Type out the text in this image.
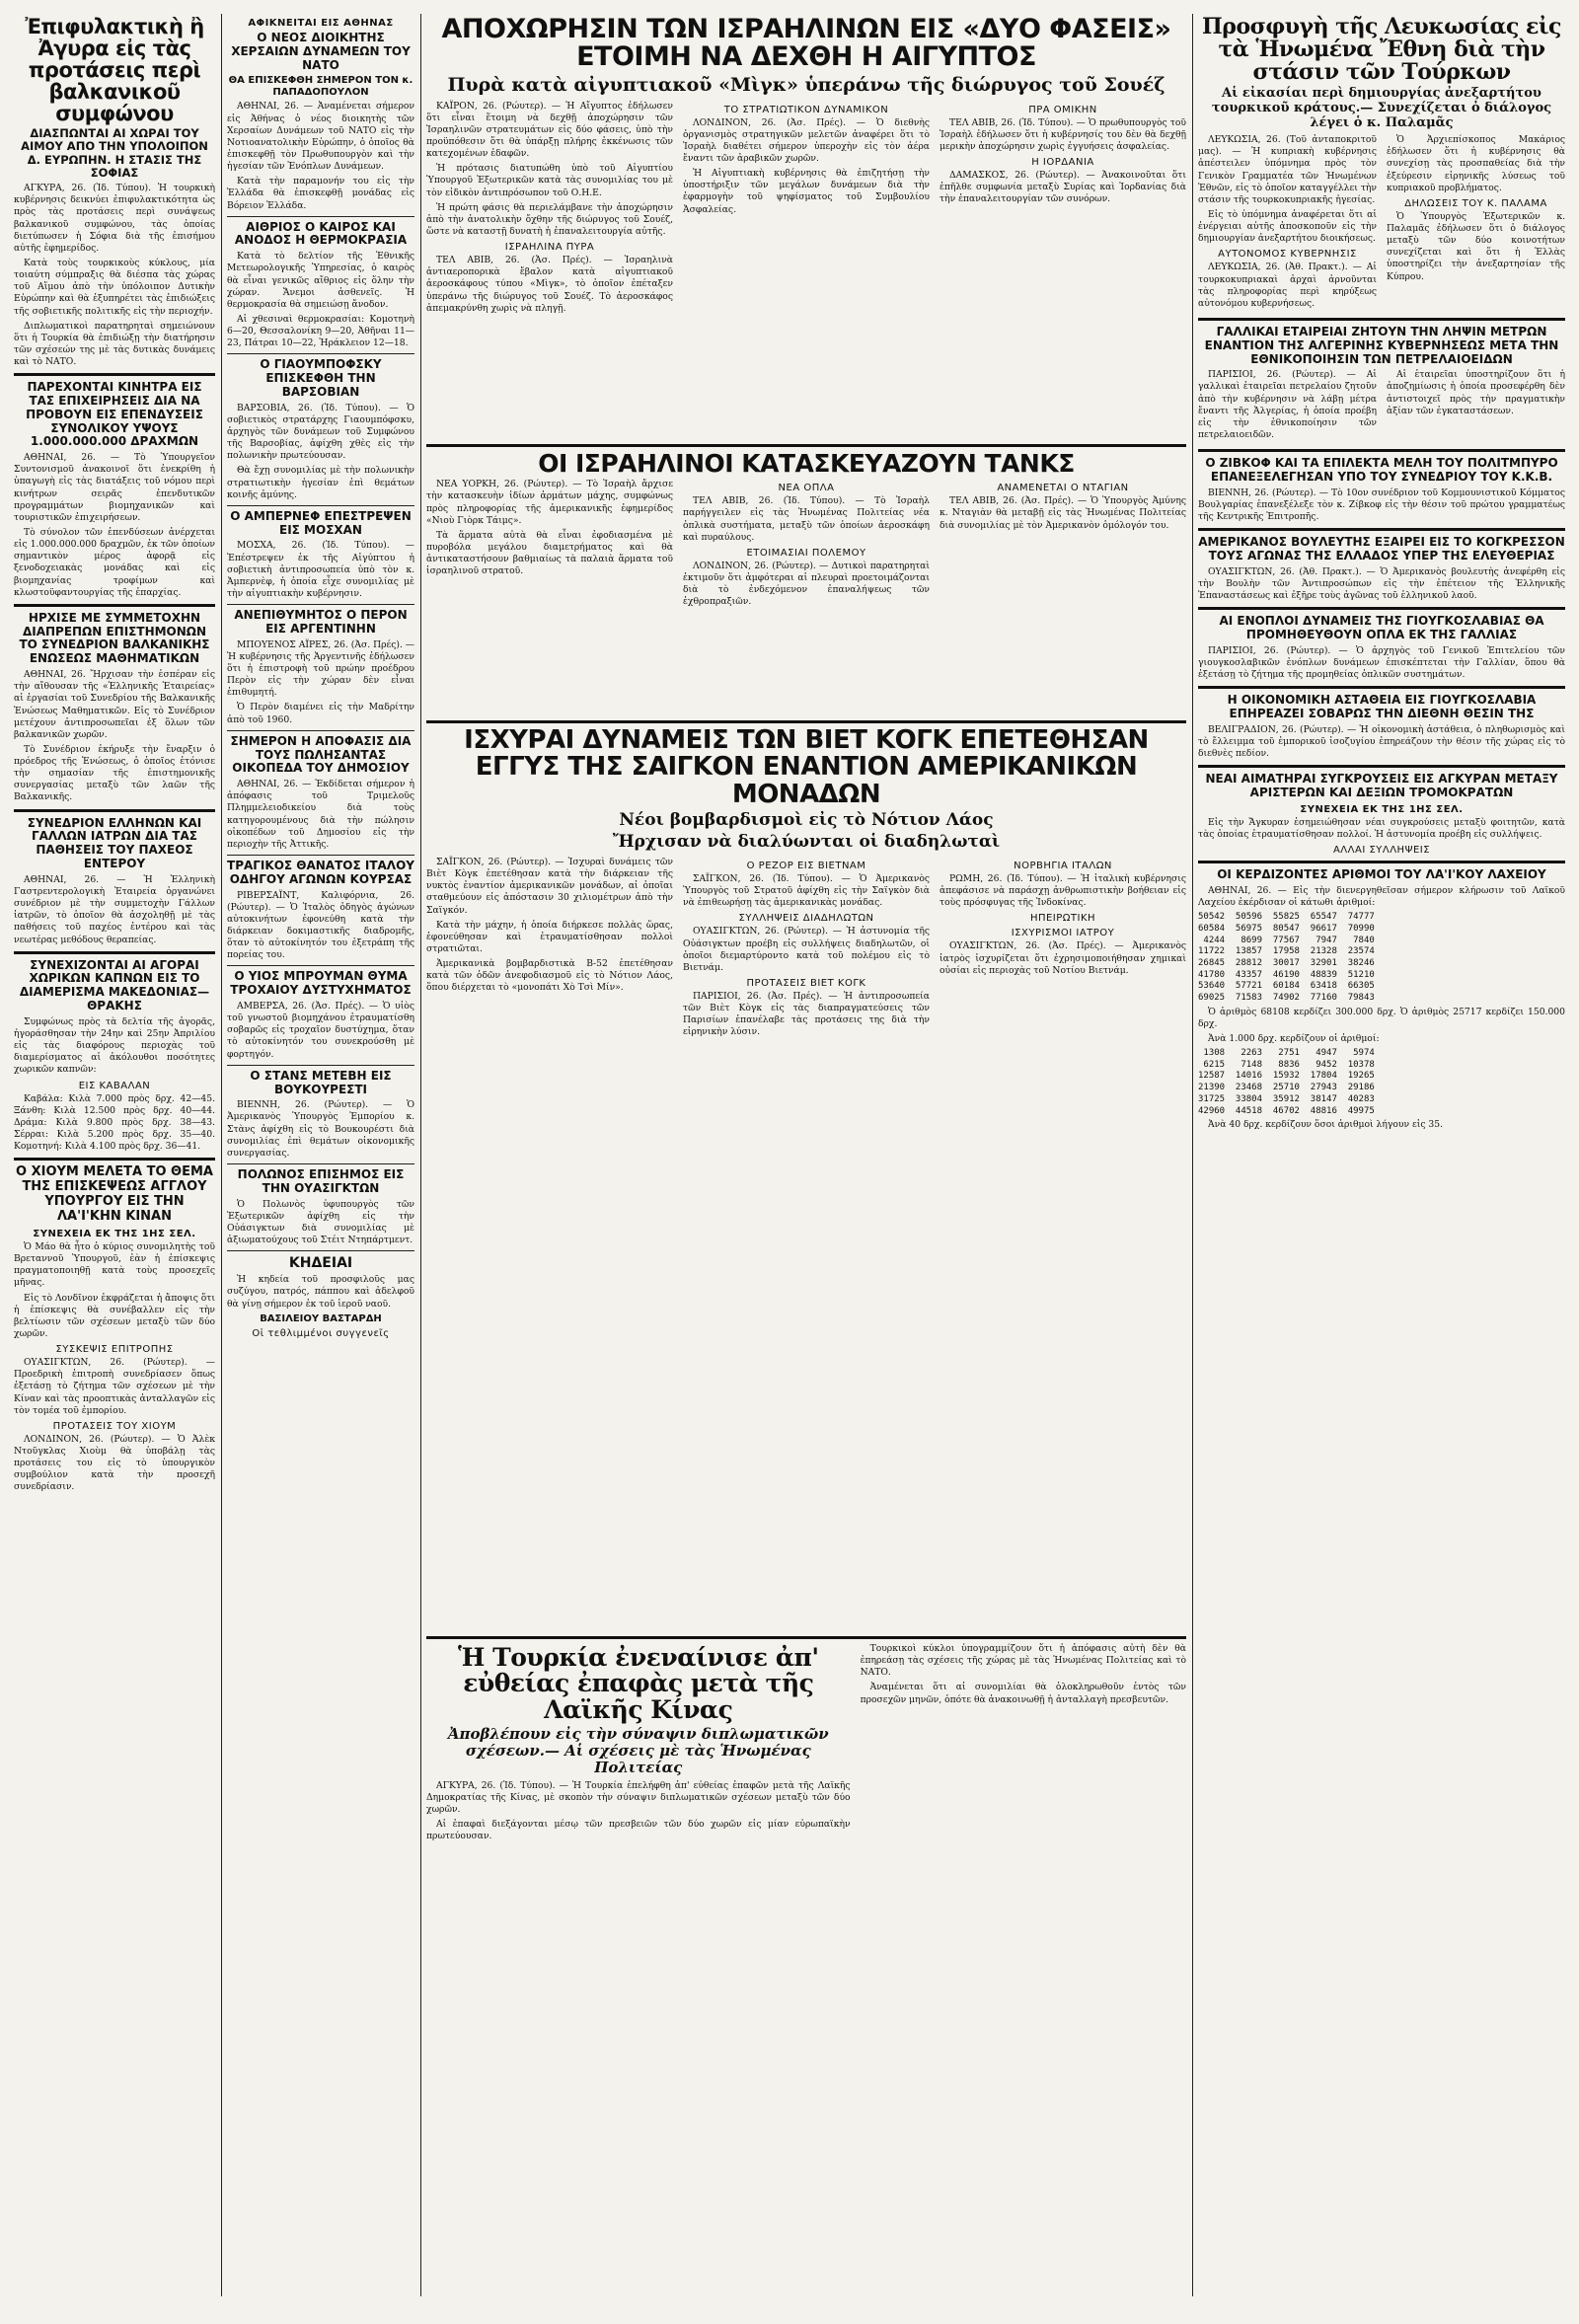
Ἐπιφυλακτικὴ ἢ Ἀγυρα εἰς τὰς προτάσεις περὶ βαλκανικοῦ συμφώνου
ΔΙΑΣΠΩΝΤΑΙ ΑΙ ΧΩΡΑΙ ΤΟΥ ΑΙΜΟΥ ΑΠΟ ΤΗΝ ΥΠΟΛΟΙΠΟΝ Δ. ΕΥΡΩΠΗΝ. Η ΣΤΑΣΙΣ ΤΗΣ ΣΟΦΙΑΣ

ΑΓΚΥΡΑ, 26. (Ἰδ. Τύπου). Ἡ τουρκικὴ κυβέρνησις δεικνύει ἐπιφυλακτικότητα ὡς πρὸς τὰς προτάσεις περὶ συνάψεως βαλκανικοῦ συμφώνου, τὰς ὁποίας διετύπωσεν ἡ Σόφια διὰ τῆς ἐπισήμου αὐτῆς ἐφημερίδος.

Κατὰ τοὺς τουρκικοὺς κύκλους, μία τοιαύτη σύμπραξις θὰ διέσπα τὰς χώρας τοῦ Αἵμου ἀπὸ τὴν ὑπόλοιπον Δυτικὴν Εὐρώπην καὶ θὰ ἐξυπηρέτει τὰς ἐπιδιώξεις τῆς σοβιετικῆς πολιτικῆς εἰς τὴν περιοχήν.

Διπλωματικοὶ παρατηρηταὶ σημειώνουν ὅτι ἡ Τουρκία θὰ ἐπιδιώξῃ τὴν διατήρησιν τῶν σχέσεών της μὲ τὰς δυτικὰς δυνάμεις καὶ τὸ ΝΑΤΟ.

ΠΑΡΕΧΟΝΤΑΙ ΚΙΝΗΤΡΑ ΕΙΣ ΤΑΣ ΕΠΙΧΕΙΡΗΣΕΙΣ ΔΙΑ ΝΑ ΠΡΟΒΟΥΝ ΕΙΣ ΕΠΕΝΔΥΣΕΙΣ ΣΥΝΟΛΙΚΟΥ ΥΨΟΥΣ 1.000.000.000 ΔΡΑΧΜΩΝ

ΑΘΗΝΑΙ, 26. — Τὸ Ὑπουργεῖον Συντονισμοῦ ἀνακοινοῖ ὅτι ἐνεκρίθη ἡ ὑπαγωγὴ εἰς τὰς διατάξεις τοῦ νόμου περὶ κινήτρων σειρᾶς ἐπενδυτικῶν προγραμμάτων βιομηχανικῶν καὶ τουριστικῶν ἐπιχειρήσεων.

Τὸ σύνολον τῶν ἐπενδύσεων ἀνέρχεται εἰς 1.000.000.000 δραχμῶν, ἐκ τῶν ὁποίων σημαντικὸν μέρος ἀφορᾷ εἰς ξενοδοχειακὰς μονάδας καὶ εἰς βιομηχανίας τροφίμων καὶ κλωστοϋφαντουργίας τῆς ἐπαρχίας.

ΗΡΧΙΣΕ ΜΕ ΣΥΜΜΕΤΟΧΗΝ ΔΙΑΠΡΕΠΩΝ ΕΠΙΣΤΗΜΟΝΩΝ ΤΟ ΣΥΝΕΔΡΙΟΝ ΒΑΛΚΑΝΙΚΗΣ ΕΝΩΣΕΩΣ ΜΑΘΗΜΑΤΙΚΩΝ

ΑΘΗΝΑΙ, 26. Ἤρχισαν τὴν ἑσπέραν εἰς τὴν αἴθουσαν τῆς «Ἑλληνικῆς Ἑταιρείας» αἱ ἐργασίαι τοῦ Συνεδρίου τῆς Βαλκανικῆς Ἑνώσεως Μαθηματικῶν. Εἰς τὸ Συνέδριον μετέχουν ἀντιπροσωπεῖαι ἐξ ὅλων τῶν βαλκανικῶν χωρῶν.

Τὸ Συνέδριον ἐκήρυξε τὴν ἔναρξιν ὁ πρόεδρος τῆς Ἑνώσεως, ὁ ὁποῖος ἐτόνισε τὴν σημασίαν τῆς ἐπιστημονικῆς συνεργασίας μεταξὺ τῶν λαῶν τῆς Βαλκανικῆς.

ΣΥΝΕΔΡΙΟΝ ΕΛΛΗΝΩΝ ΚΑΙ ΓΑΛΛΩΝ ΙΑΤΡΩΝ ΔΙΑ ΤΑΣ ΠΑΘΗΣΕΙΣ ΤΟΥ ΠΑΧΕΟΣ ΕΝΤΕΡΟΥ

ΑΘΗΝΑΙ, 26. — Ἡ Ἑλληνικὴ Γαστρεντερολογικὴ Ἑταιρεία ὀργανώνει συνέδριον μὲ τὴν συμμετοχὴν Γάλλων ἰατρῶν, τὸ ὁποῖον θὰ ἀσχοληθῇ μὲ τὰς παθήσεις τοῦ παχέος ἐντέρου καὶ τὰς νεωτέρας μεθόδους θεραπείας.

ΣΥΝΕΧΙΖΟΝΤΑΙ ΑΙ ΑΓΟΡΑΙ ΧΩΡΙΚΩΝ ΚΑΠΝΩΝ ΕΙΣ ΤΟ ΔΙΑΜΕΡΙΣΜΑ ΜΑΚΕΔΟΝΙΑΣ—ΘΡΑΚΗΣ

Συμφώνως πρὸς τὰ δελτία τῆς ἀγορᾶς, ἠγοράσθησαν τὴν 24ην καὶ 25ην Ἀπριλίου εἰς τὰς διαφόρους περιοχὰς τοῦ διαμερίσματος αἱ ἀκόλουθοι ποσότητες χωρικῶν καπνῶν:

ΕΙΣ ΚΑΒΑΛΑΝ

Καβάλα: Κιλὰ 7.000 πρὸς δρχ. 42—45. Ξάνθη: Κιλὰ 12.500 πρὸς δρχ. 40—44. Δράμα: Κιλὰ 9.800 πρὸς δρχ. 38—43. Σέρραι: Κιλὰ 5.200 πρὸς δρχ. 35—40. Κομοτηνή: Κιλὰ 4.100 πρὸς δρχ. 36—41.

Ο ΧΙΟΥΜ ΜΕΛΕΤΑ ΤΟ ΘΕΜΑ ΤΗΣ ΕΠΙΣΚΕΨΕΩΣ ΑΓΓΛΟΥ ΥΠΟΥΡΓΟΥ ΕΙΣ ΤΗΝ ΛΑ'Ι'ΚΗΝ ΚΙΝΑΝ
ΣΥΝΕΧΕΙΑ ΕΚ ΤΗΣ 1ΗΣ ΣΕΛ.

Ὁ Μάο θὰ ἦτο ὁ κύριος συνομιλητὴς τοῦ Βρεταννοῦ Ὑπουργοῦ, ἐὰν ἡ ἐπίσκεψις πραγματοποιηθῇ κατὰ τοὺς προσεχεῖς μῆνας.

Εἰς τὸ Λονδῖνον ἐκφράζεται ἡ ἄποψις ὅτι ἡ ἐπίσκεψις θὰ συνέβαλλεν εἰς τὴν βελτίωσιν τῶν σχέσεων μεταξὺ τῶν δύο χωρῶν.

ΣΥΣΚΕΨΙΣ ΕΠΙΤΡΟΠΗΣ

ΟΥΑΣΙΓΚΤΩΝ, 26. (Ρώυτερ). — Προεδρικὴ ἐπιτροπὴ συνεδρίασεν ὅπως ἐξετάσῃ τὸ ζήτημα τῶν σχέσεων μὲ τὴν Κίναν καὶ τὰς προοπτικὰς ἀνταλλαγῶν εἰς τὸν τομέα τοῦ ἐμπορίου.

ΠΡΟΤΑΣΕΙΣ ΤΟΥ ΧΙΟΥΜ

ΛΟΝΔΙΝΟΝ, 26. (Ρώυτερ). — Ὁ Ἀλὲκ Ντοῦγκλας Χιοὺμ θὰ ὑποβάλῃ τὰς προτάσεις του εἰς τὸ ὑπουργικὸν συμβούλιον κατὰ τὴν προσεχῆ συνεδρίασιν.

ΑΦΙΚΝΕΙΤΑΙ ΕΙΣ ΑΘΗΝΑΣ
Ο ΝΕΟΣ ΔΙΟΙΚΗΤΗΣ ΧΕΡΣΑΙΩΝ ΔΥΝΑΜΕΩΝ ΤΟΥ ΝΑΤΟ
ΘΑ ΕΠΙΣΚΕΦΘΗ ΣΗΜΕΡΟΝ ΤΟΝ κ. ΠΑΠΑΔΟΠΟΥΛΟΝ

ΑΘΗΝΑΙ, 26. — Ἀναμένεται σήμερον εἰς Ἀθήνας ὁ νέος διοικητὴς τῶν Χερσαίων Δυνάμεων τοῦ ΝΑΤΟ εἰς τὴν Νοτιοανατολικὴν Εὐρώπην, ὁ ὁποῖος θὰ ἐπισκεφθῇ τὸν Πρωθυπουργὸν καὶ τὴν ἡγεσίαν τῶν Ἐνόπλων Δυνάμεων.

Κατὰ τὴν παραμονήν του εἰς τὴν Ἑλλάδα θὰ ἐπισκεφθῇ μονάδας εἰς Βόρειον Ἑλλάδα.

ΑΙΘΡΙΟΣ Ο ΚΑΙΡΟΣ ΚΑΙ ΑΝΟΔΟΣ Η ΘΕΡΜΟΚΡΑΣΙΑ

Κατὰ τὸ δελτίον τῆς Ἐθνικῆς Μετεωρολογικῆς Ὑπηρεσίας, ὁ καιρὸς θὰ εἶναι γενικῶς αἴθριος εἰς ὅλην τὴν χώραν. Ἄνεμοι ἀσθενεῖς. Ἡ θερμοκρασία θὰ σημειώσῃ ἄνοδον.

Αἱ χθεσιναὶ θερμοκρασίαι: Κομοτηνὴ 6—20, Θεσσαλονίκη 9—20, Ἀθῆναι 11—23, Πάτραι 10—22, Ἡράκλειον 12—18.

Ο ΓΙΑΟΥΜΠΟΦΣΚΥ ΕΠΙΣΚΕΦΘΗ ΤΗΝ ΒΑΡΣΟΒΙΑΝ

ΒΑΡΣΟΒΙΑ, 26. (Ἰδ. Τύπου). — Ὁ σοβιετικὸς στρατάρχης Γιαουμπόφσκυ, ἀρχηγὸς τῶν δυνάμεων τοῦ Συμφώνου τῆς Βαρσοβίας, ἀφίχθη χθὲς εἰς τὴν πολωνικὴν πρωτεύουσαν.

Θὰ ἔχῃ συνομιλίας μὲ τὴν πολωνικὴν στρατιωτικὴν ἡγεσίαν ἐπὶ θεμάτων κοινῆς ἀμύνης.

Ο ΑΜΠΕΡΝΕΦ ΕΠΕΣΤΡΕΨΕΝ ΕΙΣ ΜΟΣΧΑΝ

ΜΟΣΧΑ, 26. (Ἰδ. Τύπου). — Ἐπέστρεψεν ἐκ τῆς Αἰγύπτου ἡ σοβιετικὴ ἀντιπροσωπεία ὑπὸ τὸν κ. Ἀμπερνὲφ, ἡ ὁποία εἶχε συνομιλίας μὲ τὴν αἰγυπτιακὴν κυβέρνησιν.

ΑΝΕΠΙΘΥΜΗΤΟΣ Ο ΠΕΡΟΝ ΕΙΣ ΑΡΓΕΝΤΙΝΗΝ

ΜΠΟΥΕΝΟΣ ΑΪΡΕΣ, 26. (Ἀσ. Πρές). — Ἡ κυβέρνησις τῆς Ἀργεντινῆς ἐδήλωσεν ὅτι ἡ ἐπιστροφὴ τοῦ πρώην προέδρου Περὸν εἰς τὴν χώραν δὲν εἶναι ἐπιθυμητή.

Ὁ Περὸν διαμένει εἰς τὴν Μαδρίτην ἀπὸ τοῦ 1960.

ΣΗΜΕΡΟΝ Η ΑΠΟΦΑΣΙΣ ΔΙΑ ΤΟΥΣ ΠΩΛΗΣΑΝΤΑΣ ΟΙΚΟΠΕΔΑ ΤΟΥ ΔΗΜΟΣΙΟΥ

ΑΘΗΝΑΙ, 26. — Ἐκδίδεται σήμερον ἡ ἀπόφασις τοῦ Τριμελοῦς Πλημμελειοδικείου διὰ τοὺς κατηγορουμένους διὰ τὴν πώλησιν οἰκοπέδων τοῦ Δημοσίου εἰς τὴν περιοχὴν τῆς Ἀττικῆς.

ΤΡΑΓΙΚΟΣ ΘΑΝΑΤΟΣ ΙΤΑΛΟΥ ΟΔΗΓΟΥ ΑΓΩΝΩΝ ΚΟΥΡΣΑΣ

ΡΙΒΕΡΣΑΪΝΤ, Καλιφόρνια, 26. (Ρώυτερ). — Ὁ Ἰταλὸς ὁδηγὸς ἀγώνων αὐτοκινήτων ἐφονεύθη κατὰ τὴν διάρκειαν δοκιμαστικῆς διαδρομῆς, ὅταν τὸ αὐτοκίνητόν του ἐξετράπη τῆς πορείας του.

Ο ΥΙΟΣ ΜΠΡΟΥΜΑΝ ΘΥΜΑ ΤΡΟΧΑΙΟΥ ΔΥΣΤΥΧΗΜΑΤΟΣ

ΑΜΒΕΡΣΑ, 26. (Ἀσ. Πρές). — Ὁ υἱὸς τοῦ γνωστοῦ βιομηχάνου ἐτραυματίσθη σοβαρῶς εἰς τροχαῖον δυστύχημα, ὅταν τὸ αὐτοκίνητόν του συνεκρούσθη μὲ φορτηγόν.

Ο ΣΤΑΝΣ ΜΕΤΕΒΗ ΕΙΣ ΒΟΥΚΟΥΡΕΣΤΙ

ΒΙΕΝΝΗ, 26. (Ρώυτερ). — Ὁ Ἀμερικανὸς Ὑπουργὸς Ἐμπορίου κ. Στὰνς ἀφίχθη εἰς τὸ Βουκουρέστι διὰ συνομιλίας ἐπὶ θεμάτων οἰκονομικῆς συνεργασίας.

ΠΟΛΩΝΟΣ ΕΠΙΣΗΜΟΣ ΕΙΣ ΤΗΝ ΟΥΑΣΙΓΚΤΩΝ

Ὁ Πολωνὸς ὑφυπουργὸς τῶν Ἐξωτερικῶν ἀφίχθη εἰς τὴν Οὐάσιγκτων διὰ συνομιλίας μὲ ἀξιωματούχους τοῦ Στέιτ Ντηπάρτμεντ.

ΚΗΔΕΙΑΙ

Ἡ κηδεία τοῦ προσφιλοῦς μας συζύγου, πατρός, πάππου καὶ ἀδελφοῦ θὰ γίνῃ σήμερον ἐκ τοῦ ἱεροῦ ναοῦ.

ΒΑΣΙΛΕΙΟΥ ΒΑΣΤΑΡΔΗ
Οἱ τεθλιμμένοι συγγενεῖς
ΑΠΟΧΩΡΗΣΙΝ ΤΩΝ ΙΣΡΑΗΛΙΝΩΝ ΕΙΣ «ΔΥΟ ΦΑΣΕΙΣ» ΕΤΟΙΜΗ ΝΑ ΔΕΧΘΗ Η ΑΙΓΥΠΤΟΣ
Πυρὰ κατὰ αἰγυπτιακοῦ «Μὶγκ» ὑπεράνω τῆς διώρυγος τοῦ Σουέζ

ΚΑΪΡΟΝ, 26. (Ρώυτερ). — Ἡ Αἴγυπτος ἐδήλωσεν ὅτι εἶναι ἕτοιμη νὰ δεχθῇ ἀποχώρησιν τῶν Ἰσραηλινῶν στρατευμάτων εἰς δύο φάσεις, ὑπὸ τὴν προϋπόθεσιν ὅτι θὰ ὑπάρξῃ πλήρης ἐκκένωσις τῶν κατεχομένων ἐδαφῶν.

Ἡ πρότασις διατυπώθη ὑπὸ τοῦ Αἰγυπτίου Ὑπουργοῦ Ἐξωτερικῶν κατὰ τὰς συνομιλίας του μὲ τὸν εἰδικὸν ἀντιπρόσωπον τοῦ Ο.Η.Ε.

Ἡ πρώτη φάσις θὰ περιελάμβανε τὴν ἀποχώρησιν ἀπὸ τὴν ἀνατολικὴν ὄχθην τῆς διώρυγος τοῦ Σουέζ, ὥστε νὰ καταστῇ δυνατὴ ἡ ἐπαναλειτουργία αὐτῆς.

ΙΣΡΑΗΛΙΝΑ ΠΥΡΑ

ΤΕΛ ΑΒΙΒ, 26. (Ἀσ. Πρές). — Ἰσραηλινὰ ἀντιαεροπορικὰ ἔβαλον κατὰ αἰγυπτιακοῦ ἀεροσκάφους τύπου «Μὶγκ», τὸ ὁποῖον ἐπέταξεν ὑπεράνω τῆς διώρυγος τοῦ Σουέζ. Τὸ ἀεροσκάφος ἀπεμακρύνθη χωρὶς νὰ πληγῇ.

ΤΟ ΣΤΡΑΤΙΩΤΙΚΟΝ ΔΥΝΑΜΙΚΟΝ

ΛΟΝΔΙΝΟΝ, 26. (Ἀσ. Πρές). — Ὁ διεθνὴς ὀργανισμὸς στρατηγικῶν μελετῶν ἀναφέρει ὅτι τὸ Ἰσραὴλ διαθέτει σήμερον ὑπεροχὴν εἰς τὸν ἀέρα ἔναντι τῶν ἀραβικῶν χωρῶν.

Ἡ Αἰγυπτιακὴ κυβέρνησις θὰ ἐπιζητήσῃ τὴν ὑποστήριξιν τῶν μεγάλων δυνάμεων διὰ τὴν ἐφαρμογὴν τοῦ ψηφίσματος τοῦ Συμβουλίου Ἀσφαλείας.

ΠΡΑ ΟΜΙΚΗΝ

ΤΕΛ ΑΒΙΒ, 26. (Ἰδ. Τύπου). — Ὁ πρωθυπουργὸς τοῦ Ἰσραὴλ ἐδήλωσεν ὅτι ἡ κυβέρνησίς του δὲν θὰ δεχθῇ μερικὴν ἀποχώρησιν χωρὶς ἐγγυήσεις ἀσφαλείας.

Η ΙΟΡΔΑΝΙΑ

ΔΑΜΑΣΚΟΣ, 26. (Ρώυτερ). — Ἀνακοινοῦται ὅτι ἐπῆλθε συμφωνία μεταξὺ Συρίας καὶ Ἰορδανίας διὰ τὴν ἐπαναλειτουργίαν τῶν συνόρων.

ΟΙ ΙΣΡΑΗΛΙΝΟΙ ΚΑΤΑΣΚΕΥΑΖΟΥΝ ΤΑΝΚΣ

ΝΕΑ ΥΟΡΚΗ, 26. (Ρώυτερ). — Τὸ Ἰσραὴλ ἄρχισε τὴν κατασκευὴν ἰδίων ἁρμάτων μάχης, συμφώνως πρὸς πληροφορίας τῆς ἀμερικανικῆς ἐφημερίδος «Νιοὺ Γιὸρκ Τάιμς».

Τὰ ἅρματα αὐτὰ θὰ εἶναι ἐφοδιασμένα μὲ πυροβόλα μεγάλου διαμετρήματος καὶ θὰ ἀντικαταστήσουν βαθμιαίως τὰ παλαιὰ ἅρματα τοῦ ἰσραηλινοῦ στρατοῦ.

ΝΕΑ ΟΠΛΑ

ΤΕΛ ΑΒΙΒ, 26. (Ἰδ. Τύπου). — Τὸ Ἰσραὴλ παρήγγειλεν εἰς τὰς Ἡνωμένας Πολιτείας νέα ὁπλικὰ συστήματα, μεταξὺ τῶν ὁποίων ἀεροσκάφη καὶ πυραύλους.

ΕΤΟΙΜΑΣΙΑΙ ΠΟΛΕΜΟΥ

ΛΟΝΔΙΝΟΝ, 26. (Ρώυτερ). — Δυτικοὶ παρατηρηταὶ ἐκτιμοῦν ὅτι ἀμφότεραι αἱ πλευραὶ προετοιμάζονται διὰ τὸ ἐνδεχόμενον ἐπαναλήψεως τῶν ἐχθροπραξιῶν.

ΑΝΑΜΕΝΕΤΑΙ Ο ΝΤΑΓΙΑΝ

ΤΕΛ ΑΒΙΒ, 26. (Ἀσ. Πρές). — Ὁ Ὑπουργὸς Ἀμύνης κ. Νταγιὰν θὰ μεταβῇ εἰς τὰς Ἡνωμένας Πολιτείας διὰ συνομιλίας μὲ τὸν Ἀμερικανὸν ὁμόλογόν του.

ΙΣΧΥΡΑΙ ΔΥΝΑΜΕΙΣ ΤΩΝ ΒΙΕΤ ΚΟΓΚ ΕΠΕΤΕΘΗΣΑΝ ΕΓΓΥΣ ΤΗΣ ΣΑΙΓΚΟΝ ΕΝΑΝΤΙΟΝ ΑΜΕΡΙΚΑΝΙΚΩΝ ΜΟΝΑΔΩΝ
Νέοι βομβαρδισμοὶ εἰς τὸ Νότιον Λάος
Ἤρχισαν νὰ διαλύωνται οἱ διαδηλωταὶ

ΣΑΪΓΚΟΝ, 26. (Ρώυτερ). — Ἰσχυραὶ δυνάμεις τῶν Βιὲτ Κὸγκ ἐπετέθησαν κατὰ τὴν διάρκειαν τῆς νυκτὸς ἐναντίον ἀμερικανικῶν μονάδων, αἱ ὁποῖαι σταθμεύουν εἰς ἀπόστασιν 30 χιλιομέτρων ἀπὸ τὴν Σαϊγκόν.

Κατὰ τὴν μάχην, ἡ ὁποία διήρκεσε πολλὰς ὥρας, ἐφονεύθησαν καὶ ἐτραυματίσθησαν πολλοὶ στρατιῶται.

Ἀμερικανικὰ βομβαρδιστικὰ Β-52 ἐπετέθησαν κατὰ τῶν ὁδῶν ἀνεφοδιασμοῦ εἰς τὸ Νότιον Λάος, ὅπου διέρχεται τὸ «μονοπάτι Χὸ Τσὶ Μίν».

Ο ΡΕΖΟΡ ΕΙΣ ΒΙΕΤΝΑΜ

ΣΑΪΓΚΟΝ, 26. (Ἰδ. Τύπου). — Ὁ Ἀμερικανὸς Ὑπουργὸς τοῦ Στρατοῦ ἀφίχθη εἰς τὴν Σαϊγκὸν διὰ νὰ ἐπιθεωρήσῃ τὰς ἀμερικανικὰς μονάδας.

ΣΥΛΛΗΨΕΙΣ ΔΙΑΔΗΛΩΤΩΝ

ΟΥΑΣΙΓΚΤΩΝ, 26. (Ρώυτερ). — Ἡ ἀστυνομία τῆς Οὐάσιγκτων προέβη εἰς συλλήψεις διαδηλωτῶν, οἱ ὁποῖοι διεμαρτύροντο κατὰ τοῦ πολέμου εἰς τὸ Βιετνάμ.

ΠΡΟΤΑΣΕΙΣ ΒΙΕΤ ΚΟΓΚ

ΠΑΡΙΣΙΟΙ, 26. (Ἀσ. Πρές). — Ἡ ἀντιπροσωπεία τῶν Βιὲτ Κὸγκ εἰς τὰς διαπραγματεύσεις τῶν Παρισίων ἐπανέλαβε τὰς προτάσεις της διὰ τὴν εἰρηνικὴν λύσιν.

ΝΟΡΒΗΓΙΑ ΙΤΑΛΩΝ

ΡΩΜΗ, 26. (Ἰδ. Τύπου). — Ἡ ἰταλικὴ κυβέρνησις ἀπεφάσισε νὰ παράσχῃ ἀνθρωπιστικὴν βοήθειαν εἰς τοὺς πρόσφυγας τῆς Ἰνδοκίνας.

ΗΠΕΙΡΩΤΙΚΗ
ΙΣΧΥΡΙΣΜΟΙ ΙΑΤΡΟΥ

ΟΥΑΣΙΓΚΤΩΝ, 26. (Ἀσ. Πρές). — Ἀμερικανὸς ἰατρὸς ἰσχυρίζεται ὅτι ἐχρησιμοποιήθησαν χημικαὶ οὐσίαι εἰς περιοχὰς τοῦ Νοτίου Βιετνάμ.

Ἡ Τουρκία ἐνεναίνισε ἀπ' εὐθείας ἐπαφὰς μετὰ τῆς Λαϊκῆς Κίνας
Ἀποβλέπουν εἰς τὴν σύναψιν διπλωματικῶν σχέσεων.— Αἱ σχέσεις μὲ τὰς Ἡνωμένας Πολιτείας

ΑΓΚΥΡΑ, 26. (Ἰδ. Τύπου). — Ἡ Τουρκία ἐπελήφθη ἀπ' εὐθείας ἐπαφῶν μετὰ τῆς Λαϊκῆς Δημοκρατίας τῆς Κίνας, μὲ σκοπὸν τὴν σύναψιν διπλωματικῶν σχέσεων μεταξὺ τῶν δύο χωρῶν.

Αἱ ἐπαφαὶ διεξάγονται μέσῳ τῶν πρεσβειῶν τῶν δύο χωρῶν εἰς μίαν εὐρωπαϊκὴν πρωτεύουσαν.

Τουρκικοὶ κύκλοι ὑπογραμμίζουν ὅτι ἡ ἀπόφασις αὐτὴ δὲν θὰ ἐπηρεάσῃ τὰς σχέσεις τῆς χώρας μὲ τὰς Ἡνωμένας Πολιτείας καὶ τὸ ΝΑΤΟ.

Ἀναμένεται ὅτι αἱ συνομιλίαι θὰ ὁλοκληρωθοῦν ἐντὸς τῶν προσεχῶν μηνῶν, ὁπότε θὰ ἀνακοινωθῇ ἡ ἀνταλλαγὴ πρεσβευτῶν.

Προσφυγὴ τῆς Λευκωσίας εἰς τὰ Ἡνωμένα Ἔθνη διὰ τὴν στάσιν τῶν Τούρκων
Αἱ εἰκασίαι περὶ δημιουργίας ἀνεξαρτήτου τουρκικοῦ κράτους.— Συνεχίζεται ὁ διάλογος λέγει ὁ κ. Παλαμᾶς

ΛΕΥΚΩΣΙΑ, 26. (Τοῦ ἀνταποκριτοῦ μας). — Ἡ κυπριακὴ κυβέρνησις ἀπέστειλεν ὑπόμνημα πρὸς τὸν Γενικὸν Γραμματέα τῶν Ἡνωμένων Ἐθνῶν, εἰς τὸ ὁποῖον καταγγέλλει τὴν στάσιν τῆς τουρκοκυπριακῆς ἡγεσίας.

Εἰς τὸ ὑπόμνημα ἀναφέρεται ὅτι αἱ ἐνέργειαι αὐτῆς ἀποσκοποῦν εἰς τὴν δημιουργίαν ἀνεξαρτήτου διοικήσεως.

ΑΥΤΟΝΟΜΟΣ ΚΥΒΕΡΝΗΣΙΣ

ΛΕΥΚΩΣΙΑ, 26. (Ἀθ. Πρακτ.). — Αἱ τουρκοκυπριακαὶ ἀρχαὶ ἀρνοῦνται τὰς πληροφορίας περὶ κηρύξεως αὐτονόμου κυβερνήσεως.

Ὁ Ἀρχιεπίσκοπος Μακάριος ἐδήλωσεν ὅτι ἡ κυβέρνησις θὰ συνεχίσῃ τὰς προσπαθείας διὰ τὴν ἐξεύρεσιν εἰρηνικῆς λύσεως τοῦ κυπριακοῦ προβλήματος.

ΔΗΛΩΣΕΙΣ ΤΟΥ Κ. ΠΑΛΑΜΑ

Ὁ Ὑπουργὸς Ἐξωτερικῶν κ. Παλαμᾶς ἐδήλωσεν ὅτι ὁ διάλογος μεταξὺ τῶν δύο κοινοτήτων συνεχίζεται καὶ ὅτι ἡ Ἑλλὰς ὑποστηρίζει τὴν ἀνεξαρτησίαν τῆς Κύπρου.

ΓΑΛΛΙΚΑΙ ΕΤΑΙΡΕΙΑΙ ΖΗΤΟΥΝ ΤΗΝ ΛΗΨΙΝ ΜΕΤΡΩΝ ΕΝΑΝΤΙΟΝ ΤΗΣ ΑΛΓΕΡΙΝΗΣ ΚΥΒΕΡΝΗΣΕΩΣ ΜΕΤΑ ΤΗΝ ΕΘΝΙΚΟΠΟΙΗΣΙΝ ΤΩΝ ΠΕΤΡΕΛΑΙΟΕΙΔΩΝ

ΠΑΡΙΣΙΟΙ, 26. (Ρώυτερ). — Αἱ γαλλικαὶ ἑταιρεῖαι πετρελαίου ζητοῦν ἀπὸ τὴν κυβέρνησιν νὰ λάβῃ μέτρα ἔναντι τῆς Ἀλγερίας, ἡ ὁποία προέβη εἰς τὴν ἐθνικοποίησιν τῶν πετρελαιοειδῶν.

Αἱ ἑταιρεῖαι ὑποστηρίζουν ὅτι ἡ ἀποζημίωσις ἡ ὁποία προσεφέρθη δὲν ἀντιστοιχεῖ πρὸς τὴν πραγματικὴν ἀξίαν τῶν ἐγκαταστάσεων.

Ο ΖΙΒΚΟΦ ΚΑΙ ΤΑ ΕΠΙΛΕΚΤΑ ΜΕΛΗ ΤΟΥ ΠΟΛΙΤΜΠΥΡΟ ΕΠΑΝΕΞΕΛΕΓΗΣΑΝ ΥΠΟ ΤΟΥ ΣΥΝΕΔΡΙΟΥ ΤΟΥ Κ.Κ.Β.

ΒΙΕΝΝΗ, 26. (Ρώυτερ). — Τὸ 10ον συνέδριον τοῦ Κομμουνιστικοῦ Κόμματος Βουλγαρίας ἐπανεξέλεξε τὸν κ. Ζίβκοφ εἰς τὴν θέσιν τοῦ πρώτου γραμματέως τῆς Κεντρικῆς Ἐπιτροπῆς.

ΑΜΕΡΙΚΑΝΟΣ ΒΟΥΛΕΥΤΗΣ ΕΞΑΙΡΕΙ ΕΙΣ ΤΟ ΚΟΓΚΡΕΣΣΟΝ ΤΟΥΣ ΑΓΩΝΑΣ ΤΗΣ ΕΛΛΑΔΟΣ ΥΠΕΡ ΤΗΣ ΕΛΕΥΘΕΡΙΑΣ

ΟΥΑΣΙΓΚΤΩΝ, 26. (Ἀθ. Πρακτ.). — Ὁ Ἀμερικανὸς βουλευτὴς ἀνεφέρθη εἰς τὴν Βουλὴν τῶν Ἀντιπροσώπων εἰς τὴν ἐπέτειον τῆς Ἑλληνικῆς Ἐπαναστάσεως καὶ ἐξῆρε τοὺς ἀγῶνας τοῦ ἑλληνικοῦ λαοῦ.

ΑΙ ΕΝΟΠΛΟΙ ΔΥΝΑΜΕΙΣ ΤΗΣ ΓΙΟΥΓΚΟΣΛΑΒΙΑΣ ΘΑ ΠΡΟΜΗΘΕΥΘΟΥΝ ΟΠΛΑ ΕΚ ΤΗΣ ΓΑΛΛΙΑΣ

ΠΑΡΙΣΙΟΙ, 26. (Ρώυτερ). — Ὁ ἀρχηγὸς τοῦ Γενικοῦ Ἐπιτελείου τῶν γιουγκοσλαβικῶν ἐνόπλων δυνάμεων ἐπισκέπτεται τὴν Γαλλίαν, ὅπου θὰ ἐξετάσῃ τὸ ζήτημα τῆς προμηθείας ὁπλικῶν συστημάτων.

Η ΟΙΚΟΝΟΜΙΚΗ ΑΣΤΑΘΕΙΑ ΕΙΣ ΓΙΟΥΓΚΟΣΛΑΒΙΑ ΕΠΗΡΕΑΖΕΙ ΣΟΒΑΡΩΣ ΤΗΝ ΔΙΕΘΝΗ ΘΕΣΙΝ ΤΗΣ

ΒΕΛΙΓΡΑΔΙΟΝ, 26. (Ρώυτερ). — Ἡ οἰκονομικὴ ἀστάθεια, ὁ πληθωρισμὸς καὶ τὸ ἔλλειμμα τοῦ ἐμπορικοῦ ἰσοζυγίου ἐπηρεάζουν τὴν θέσιν τῆς χώρας εἰς τὸ διεθνὲς πεδίον.

ΝΕΑΙ ΑΙΜΑΤΗΡΑΙ ΣΥΓΚΡΟΥΣΕΙΣ ΕΙΣ ΑΓΚΥΡΑΝ ΜΕΤΑΞΥ ΑΡΙΣΤΕΡΩΝ ΚΑΙ ΔΕΞΙΩΝ ΤΡΟΜΟΚΡΑΤΩΝ
ΣΥΝΕΧΕΙΑ ΕΚ ΤΗΣ 1ΗΣ ΣΕΛ.

Εἰς τὴν Ἄγκυραν ἐσημειώθησαν νέαι συγκρούσεις μεταξὺ φοιτητῶν, κατὰ τὰς ὁποίας ἐτραυματίσθησαν πολλοί. Ἡ ἀστυνομία προέβη εἰς συλλήψεις.

ΑΛΛΑΙ ΣΥΛΛΗΨΕΙΣ
ΟΙ ΚΕΡΔΙΖΟΝΤΕΣ ΑΡΙΘΜΟΙ ΤΟΥ ΛΑ'Ι'ΚΟΥ ΛΑΧΕΙΟΥ

ΑΘΗΝΑΙ, 26. — Εἰς τὴν διενεργηθεῖσαν σήμερον κλήρωσιν τοῦ Λαϊκοῦ Λαχείου ἐκέρδισαν οἱ κάτωθι ἀριθμοί:

50542  50596  55825  65547  74777
60584  56975  80547  96617  70990
4244   8699  77567   7947   7840
11722  13857  17958  21328  23574
26845  28812  30017  32901  38246
41780  43357  46190  48839  51210
53640  57721  60184  63418  66305
69025  71583  74902  77160  79843

Ὁ ἀριθμὸς 68108 κερδίζει 300.000 δρχ. Ὁ ἀριθμὸς 25717 κερδίζει 150.000 δρχ.

Ἀνὰ 1.000 δρχ. κερδίζουν οἱ ἀριθμοί:

1308   2263   2751   4947   5974
6215   7148   8836   9452  10378
12587  14016  15932  17804  19265
21390  23468  25710  27943  29186
31725  33804  35912  38147  40283
42960  44518  46702  48816  49975

Ἀνὰ 40 δρχ. κερδίζουν ὅσοι ἀριθμοὶ λήγουν εἰς 35.
